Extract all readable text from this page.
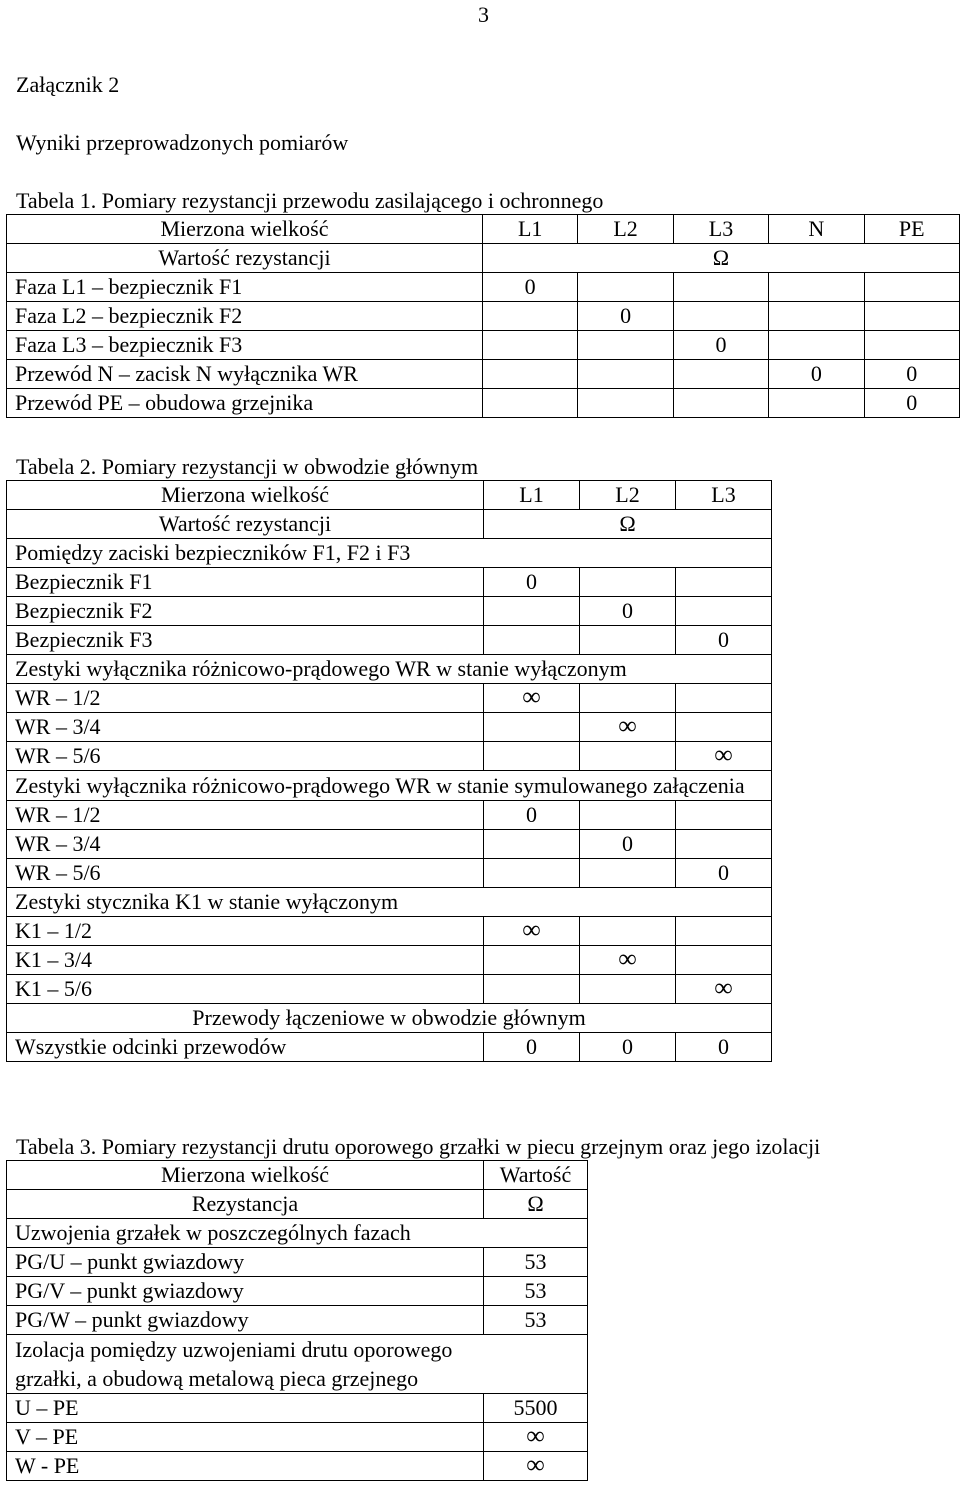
3
Załącznik 2
Wyniki przeprowadzonych pomiarów
Tabela 1. Pomiary rezystancji przewodu zasilającego i ochronnego
Mierzona wielkość	L1	L2	L3	N	PE
Wartość rezystancji	Ω				
Faza L1 – bezpiecznik F1	0				
Faza L2 – bezpiecznik F2		0			
Faza L3 – bezpiecznik F3			0		
Przewód N – zacisk N wyłącznika WR				0	0
Przewód PE – obudowa grzejnika					0
Tabela 2. Pomiary rezystancji w obwodzie głównym
Mierzona wielkość	L1	L2	L3
Wartość rezystancji	Ω		
Pomiędzy zaciski bezpieczników F1, F2 i F3			
Bezpiecznik F1	0		
Bezpiecznik F2		0	
Bezpiecznik F3			0
Zestyki wyłącznika różnicowo-prądowego WR w stanie wyłączonym			
WR – 1/2	∞		
WR – 3/4		∞	
WR – 5/6			∞
Zestyki wyłącznika różnicowo-prądowego WR w stanie symulowanego załączenia			
WR – 1/2	0		
WR – 3/4		0	
WR – 5/6			0
Zestyki stycznika K1 w stanie wyłączonym			
K1 – 1/2	∞		
K1 – 3/4		∞	
K1 – 5/6			∞
Przewody łączeniowe w obwodzie głównym			
Wszystkie odcinki przewodów	0	0	0
Tabela 3. Pomiary rezystancji drutu oporowego grzałki w piecu grzejnym oraz jego izolacji
Mierzona wielkość	Wartość
Rezystancja	Ω
Uzwojenia grzałek w poszczególnych fazach	
PG/U – punkt gwiazdowy	53
PG/V – punkt gwiazdowy	53
PG/W – punkt gwiazdowy	53
Izolacja pomiędzy uzwojeniami drutu oporowego grzałki, a obudową metalową pieca grzejnego	
U – PE	5500
V – PE	∞
W - PE	∞
